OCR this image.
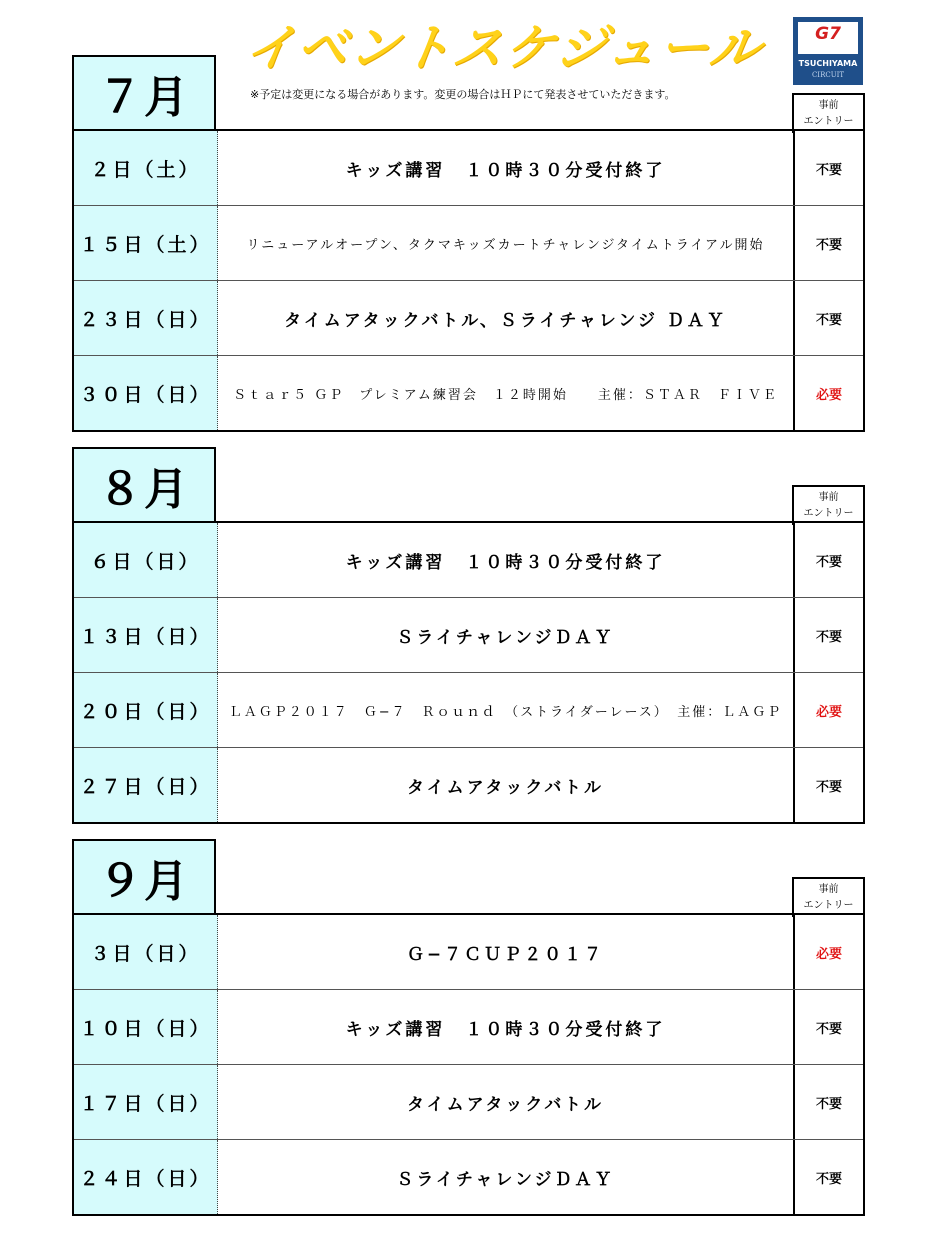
イベントスケジュール	G7
TSUCHIYAMA
CIRCUIT
※予定は変更になる場合があります。変更の場合はＨＰにて発表させていただきます。
７月	事前
エントリー
２日（土）	キッズ講習　１０時３０分受付終了	不要
１５日（土）	リニューアルオープン、タクマキッズカートチャレンジタイムトライアル開始	不要
２３日（日）	タイムアタックバトル、Ｓライチャレンジ ＤＡＹ	不要
３０日（日）	Ｓｔａｒ５ ＧＰ　プレミアム練習会　１２時開始　　主催：ＳＴＡＲ　ＦＩＶＥ	必要
８月	事前
エントリー
６日（日）	キッズ講習　１０時３０分受付終了	不要
１３日（日）	ＳライチャレンジＤＡＹ	不要
２０日（日）	ＬＡＧＰ２０１７　Ｇ−７　Ｒｏｕｎｄ　（ストライダーレース）　主催：ＬＡＧＰ	必要
２７日（日）	タイムアタックバトル	不要
９月	事前
エントリー
３日（日）	Ｇ−７ＣＵＰ２０１７	必要
１０日（日）	キッズ講習　１０時３０分受付終了	不要
１７日（日）	タイムアタックバトル	不要
２４日（日）	ＳライチャレンジＤＡＹ	不要
